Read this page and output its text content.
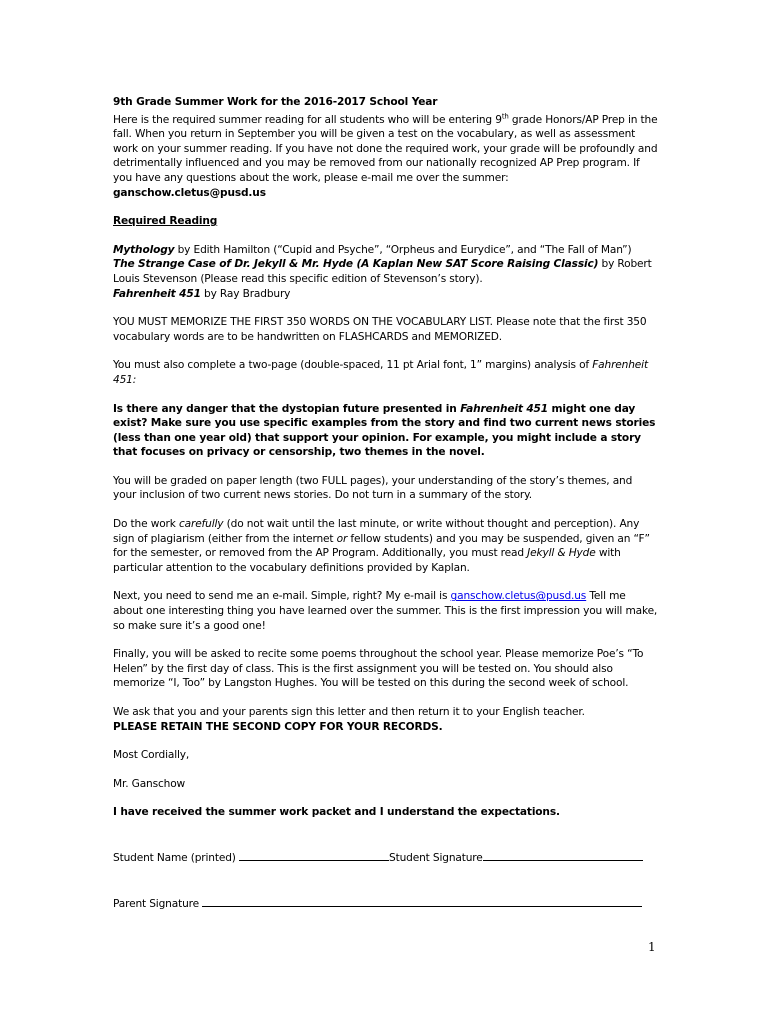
9th Grade Summer Work for the 2016-2017 School Year

Here is the required summer reading for all students who will be entering 9th grade Honors/AP Prep in the fall. When you return in September you will be given a test on the vocabulary, as well as assessment work on your summer reading. If you have not done the required work, your grade will be profoundly and detrimentally influenced and you may be removed from our nationally recognized AP Prep program. If you have any questions about the work, please e-mail me over the summer: ganschow.cletus@pusd.us

Required Reading

Mythology by Edith Hamilton (“Cupid and Psyche”, “Orpheus and Eurydice”, and “The Fall of Man”)
The Strange Case of Dr. Jekyll & Mr. Hyde (A Kaplan New SAT Score Raising Classic) by Robert Louis Stevenson (Please read this specific edition of Stevenson’s story).
Fahrenheit 451 by Ray Bradbury

YOU MUST MEMORIZE THE FIRST 350 WORDS ON THE VOCABULARY LIST. Please note that the first 350 vocabulary words are to be handwritten on FLASHCARDS and MEMORIZED.

You must also complete a two-page (double-spaced, 11 pt Arial font, 1” margins) analysis of Fahrenheit 451:

Is there any danger that the dystopian future presented in Fahrenheit 451 might one day exist? Make sure you use specific examples from the story and find two current news stories (less than one year old) that support your opinion. For example, you might include a story that focuses on privacy or censorship, two themes in the novel.

You will be graded on paper length (two FULL pages), your understanding of the story’s themes, and your inclusion of two current news stories. Do not turn in a summary of the story.

Do the work carefully (do not wait until the last minute, or write without thought and perception). Any sign of plagiarism (either from the internet or fellow students) and you may be suspended, given an “F” for the semester, or removed from the AP Program. Additionally, you must read Jekyll & Hyde with particular attention to the vocabulary definitions provided by Kaplan.

Next, you need to send me an e-mail. Simple, right? My e-mail is ganschow.cletus@pusd.us Tell me about one interesting thing you have learned over the summer. This is the first impression you will make, so make sure it’s a good one!

Finally, you will be asked to recite some poems throughout the school year. Please memorize Poe’s “To Helen” by the first day of class. This is the first assignment you will be tested on. You should also memorize “I, Too” by Langston Hughes. You will be tested on this during the second week of school.

We ask that you and your parents sign this letter and then return it to your English teacher.
PLEASE RETAIN THE SECOND COPY FOR YOUR RECORDS.

Most Cordially,

Mr. Ganschow

I have received the summer work packet and I understand the expectations.

Student Name (printed)	Student Signature

Parent Signature

1
